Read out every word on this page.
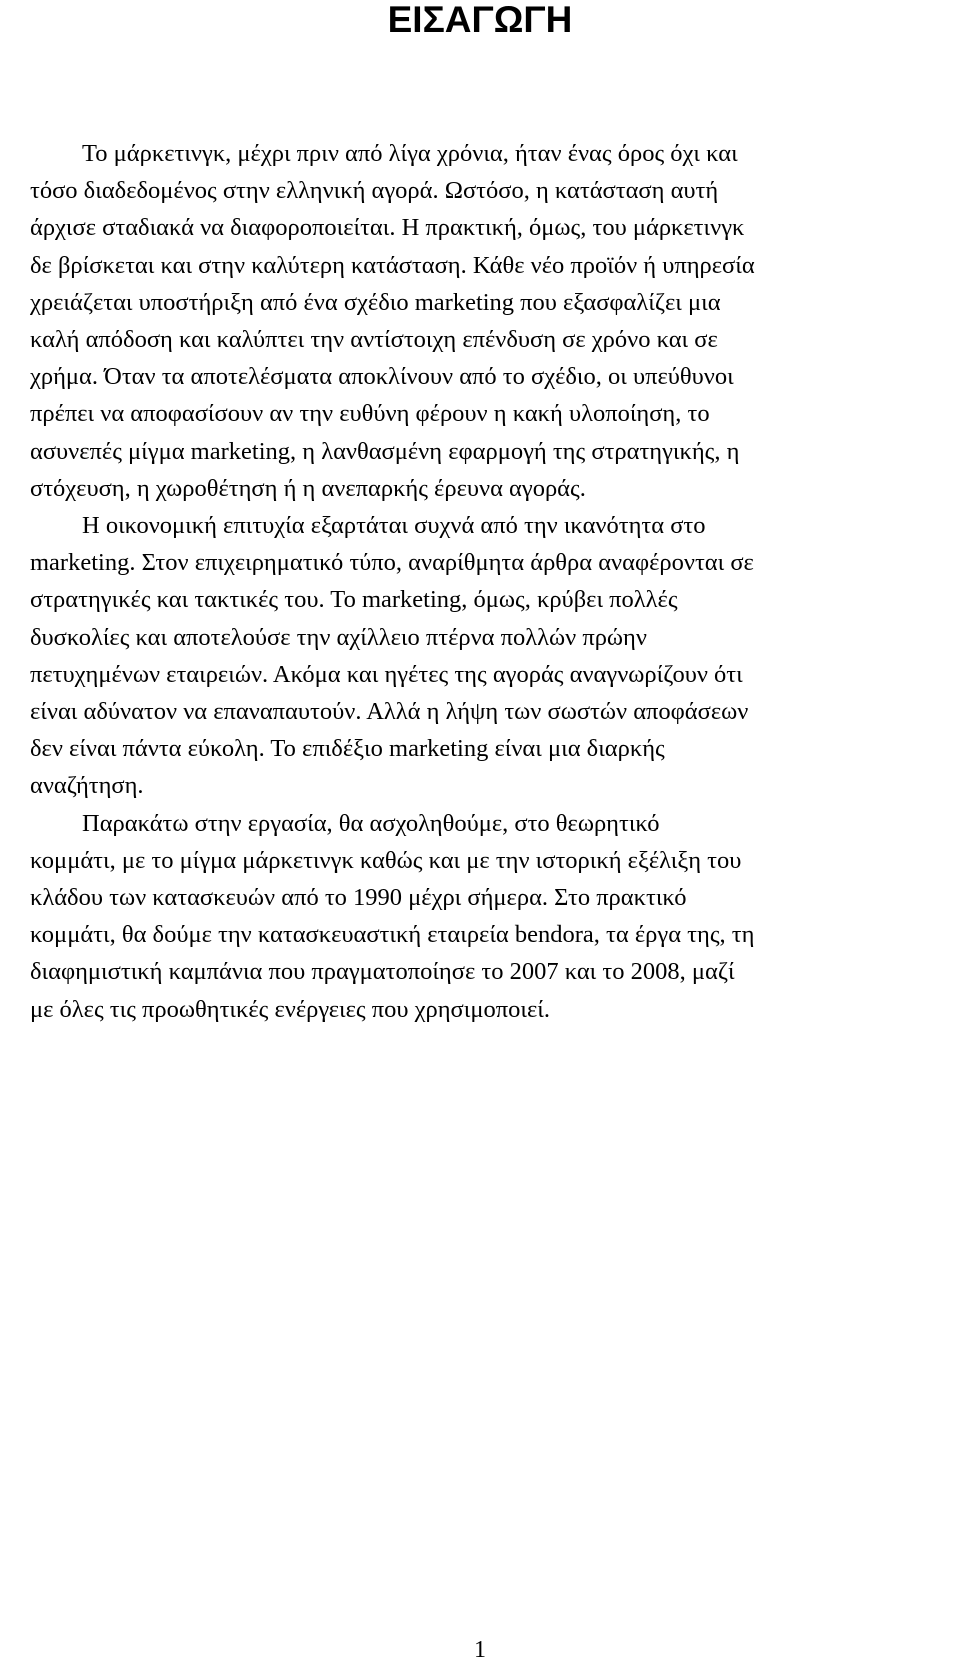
ΕΙΣΑΓΩΓΗ
Το μάρκετινγκ, μέχρι πριν από λίγα χρόνια, ήταν ένας όρος όχι και
τόσο διαδεδομένος στην ελληνική αγορά. Ωστόσο, η κατάσταση αυτή
άρχισε σταδιακά να διαφοροποιείται. Η πρακτική, όμως, του μάρκετινγκ
δε βρίσκεται και στην καλύτερη κατάσταση. Κάθε νέο προϊόν ή υπηρεσία
χρειάζεται υποστήριξη από ένα σχέδιο marketing που εξασφαλίζει μια
καλή απόδοση και καλύπτει την αντίστοιχη επένδυση σε χρόνο και σε
χρήμα. Όταν τα αποτελέσματα αποκλίνουν από το σχέδιο, οι υπεύθυνοι
πρέπει να αποφασίσουν αν την ευθύνη φέρουν η κακή υλοποίηση, το
ασυνεπές μίγμα marketing, η λανθασμένη εφαρμογή της στρατηγικής, η
στόχευση, η χωροθέτηση ή η ανεπαρκής έρευνα αγοράς.
Η οικονομική επιτυχία εξαρτάται συχνά από την ικανότητα στο
marketing. Στον επιχειρηματικό τύπο, αναρίθμητα άρθρα αναφέρονται σε
στρατηγικές και τακτικές του. Το marketing, όμως, κρύβει πολλές
δυσκολίες και αποτελούσε την αχίλλειο πτέρνα πολλών πρώην
πετυχημένων εταιρειών. Ακόμα και ηγέτες της αγοράς αναγνωρίζουν ότι
είναι αδύνατον να επαναπαυτούν. Αλλά η λήψη των σωστών αποφάσεων
δεν είναι πάντα εύκολη. Το επιδέξιο marketing είναι μια διαρκής
αναζήτηση.
Παρακάτω στην εργασία, θα ασχοληθούμε, στο θεωρητικό
κομμάτι, με το μίγμα μάρκετινγκ καθώς και με την ιστορική εξέλιξη του
κλάδου των κατασκευών από το 1990 μέχρι σήμερα. Στο πρακτικό
κομμάτι, θα δούμε την κατασκευαστική εταιρεία bendora, τα έργα της, τη
διαφημιστική καμπάνια που πραγματοποίησε το 2007 και το 2008, μαζί
με όλες τις προωθητικές ενέργειες που χρησιμοποιεί.
1
